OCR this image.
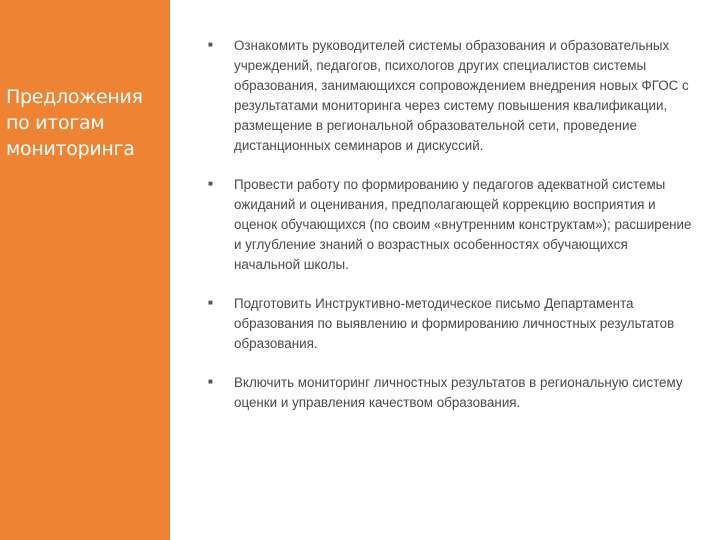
Предложения по итогам мониторинга
■ Ознакомить руководителей системы образования и образовательных учреждений, педагогов, психологов других специалистов системы образования, занимающихся сопровождением внедрения новых ФГОС с результатами мониторинга через систему повышения квалификации, размещение в региональной образовательной сети, проведение дистанционных семинаров и дискуссий.
■ Провести работу по формированию у педагогов адекватной системы ожиданий и оценивания, предполагающей коррекцию восприятия и оценок обучающихся (по своим «внутренним конструктам»); расширение и углубление знаний о возрастных особенностях обучающихся начальной школы.
■ Подготовить Инструктивно-методическое письмо Департамента образования по выявлению и формированию личностных результатов образования.
■ Включить мониторинг личностных результатов в региональную систему оценки и управления качеством образования.
